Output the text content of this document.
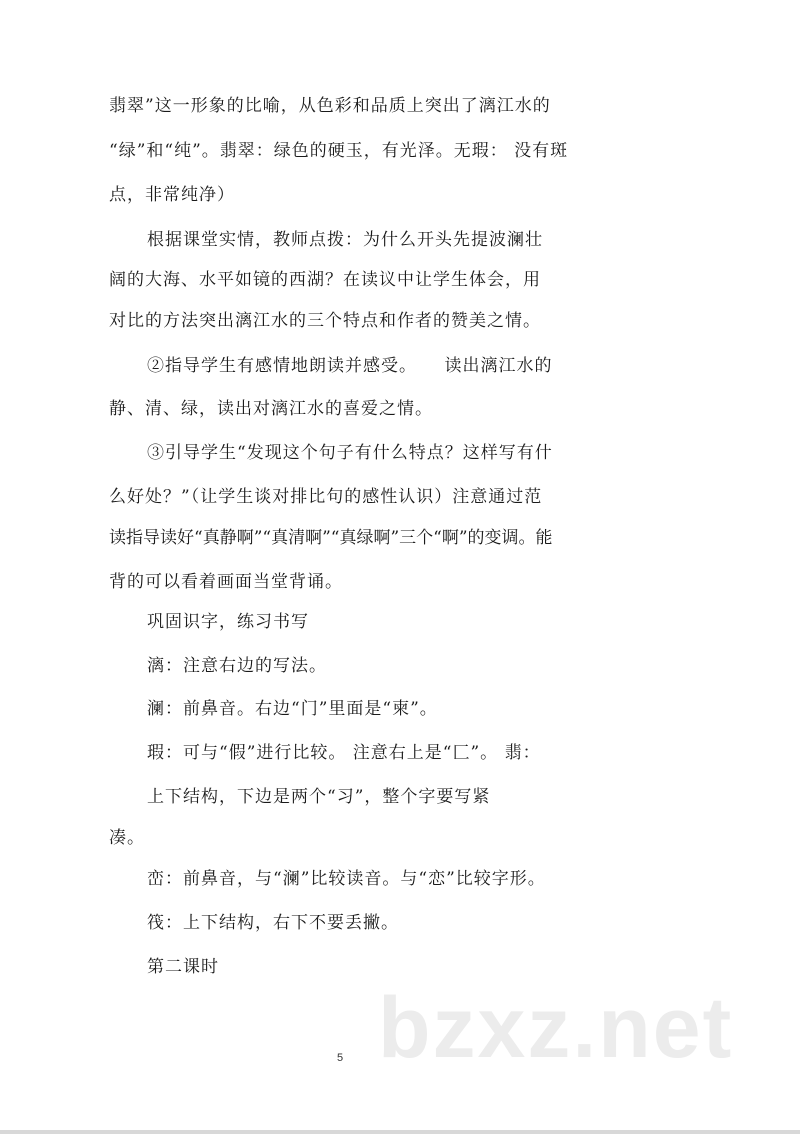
翡翠”这一形象的比喻，从色彩和品质上突出了漓江水的
“绿”和“纯”。翡翠：绿色的硬玉，有光泽。无瑕： 没有斑
点，非常纯净）
根据课堂实情，教师点拨：为什么开头先提波澜壮
阔的大海、水平如镜的西湖？在读议中让学生体会，用
对比的方法突出漓江水的三个特点和作者的赞美之情。
②指导学生有感情地朗读并感受。　　读出漓江水的
静、清、绿，读出对漓江水的喜爱之情。
③引导学生“发现这个句子有什么特点？这样写有什
么好处？”（让学生谈对排比句的感性认识）注意通过范
读指导读好“真静啊”“真清啊”“真绿啊”三个“啊”的变调。能
背的可以看着画面当堂背诵。
巩固识字，练习书写
漓：注意右边的写法。
澜：前鼻音。右边“门”里面是“柬”。
瑕：可与“假”进行比较。 注意右上是“匚”。 翡：
上下结构，下边是两个“习”，整个字要写紧
凑。
峦：前鼻音，与“澜”比较读音。与“恋”比较字形。
筏：上下结构，右下不要丢撇。
第二课时
bzxz.net
5
